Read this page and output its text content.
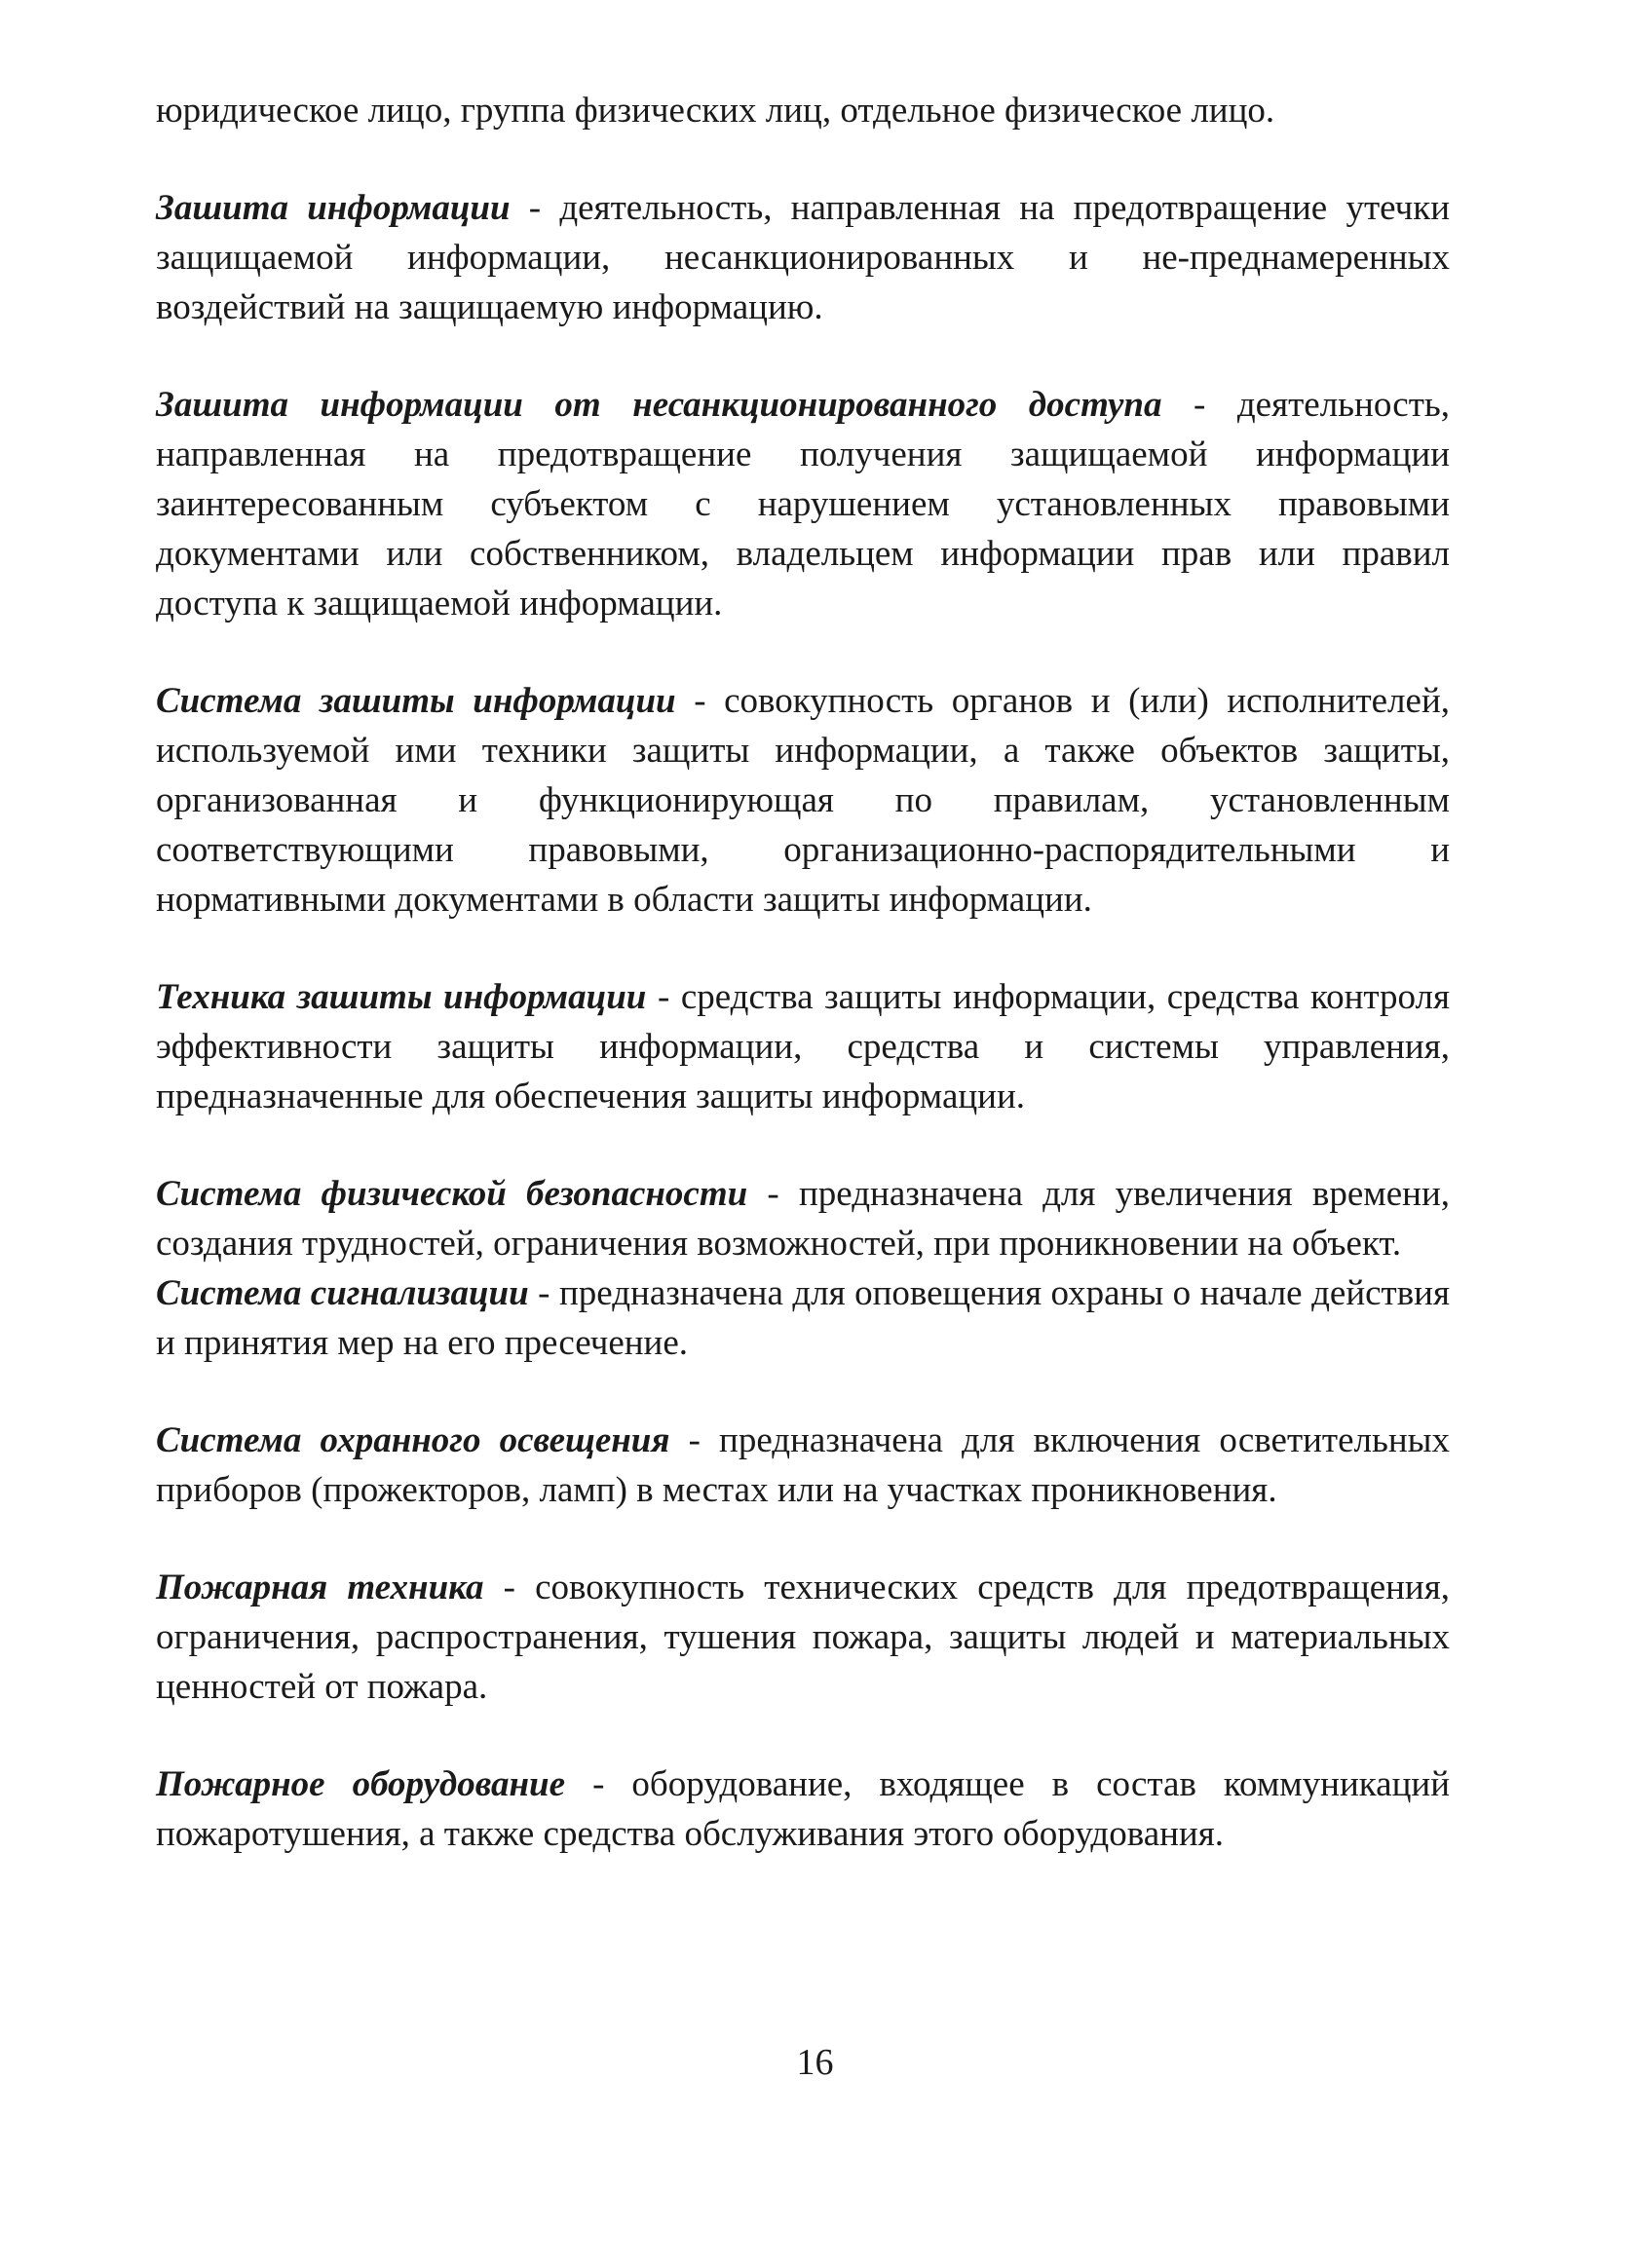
юридическое лицо, группа физических лиц, отдельное физическое лицо.

Зашита информации - деятельность, направленная на предотвращение утечки защищаемой информации, несанкционированных и не-преднамеренных воздействий на защищаемую информацию.

Зашита информации от несанкционированного доступа - деятельность, направленная на предотвращение получения защищаемой информации заинтересованным субъектом с нарушением установленных правовыми документами или собственником, владельцем информации прав или правил доступа к защищаемой информации.

Система зашиты информации - совокупность органов и (или) исполнителей, используемой ими техники защиты информации, а также объектов защиты, организованная и функционирующая по правилам, установленным соответствующими правовыми, организационно-распорядительными и нормативными документами в области защиты информации.

Техника зашиты информации - средства защиты информации, средства контроля эффективности защиты информации, средства и системы управления, предназначенные для обеспечения защиты информации.

Система физической безопасности - предназначена для увеличения времени, создания трудностей, ограничения возможностей, при проникновении на объект.

Система сигнализации - предназначена для оповещения охраны о начале действия и принятия мер на его пресечение.

Система охранного освещения - предназначена для включения осветительных приборов (прожекторов, ламп) в местах или на участках проникновения.

Пожарная техника - совокупность технических средств для предотвращения, ограничения, распространения, тушения пожара, защиты людей и материальных ценностей от пожара.

Пожарное оборудование - оборудование, входящее в состав коммуникаций пожаротушения, а также средства обслуживания этого оборудования.

16
